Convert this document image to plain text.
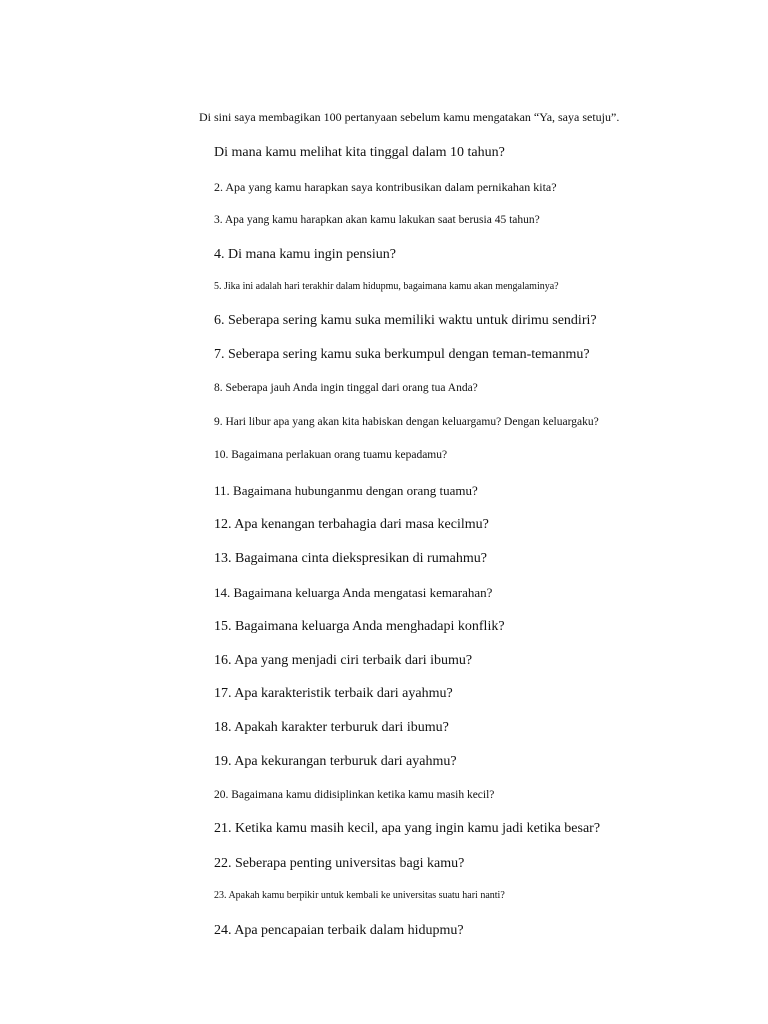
Di sini saya membagikan 100 pertanyaan sebelum kamu mengatakan “Ya, saya setuju”.
Di mana kamu melihat kita tinggal dalam 10 tahun?
2. Apa yang kamu harapkan saya kontribusikan dalam pernikahan kita?
3. Apa yang kamu harapkan akan kamu lakukan saat berusia 45 tahun?
4. Di mana kamu ingin pensiun?
5. Jika ini adalah hari terakhir dalam hidupmu, bagaimana kamu akan mengalaminya?
6. Seberapa sering kamu suka memiliki waktu untuk dirimu sendiri?
7. Seberapa sering kamu suka berkumpul dengan teman-temanmu?
8. Seberapa jauh Anda ingin tinggal dari orang tua Anda?
9. Hari libur apa yang akan kita habiskan dengan keluargamu? Dengan keluargaku?
10. Bagaimana perlakuan orang tuamu kepadamu?
11. Bagaimana hubunganmu dengan orang tuamu?
12. Apa kenangan terbahagia dari masa kecilmu?
13. Bagaimana cinta diekspresikan di rumahmu?
14. Bagaimana keluarga Anda mengatasi kemarahan?
15. Bagaimana keluarga Anda menghadapi konflik?
16. Apa yang menjadi ciri terbaik dari ibumu?
17. Apa karakteristik terbaik dari ayahmu?
18. Apakah karakter terburuk dari ibumu?
19. Apa kekurangan terburuk dari ayahmu?
20. Bagaimana kamu didisiplinkan ketika kamu masih kecil?
21. Ketika kamu masih kecil, apa yang ingin kamu jadi ketika besar?
22. Seberapa penting universitas bagi kamu?
23. Apakah kamu berpikir untuk kembali ke universitas suatu hari nanti?
24. Apa pencapaian terbaik dalam hidupmu?
